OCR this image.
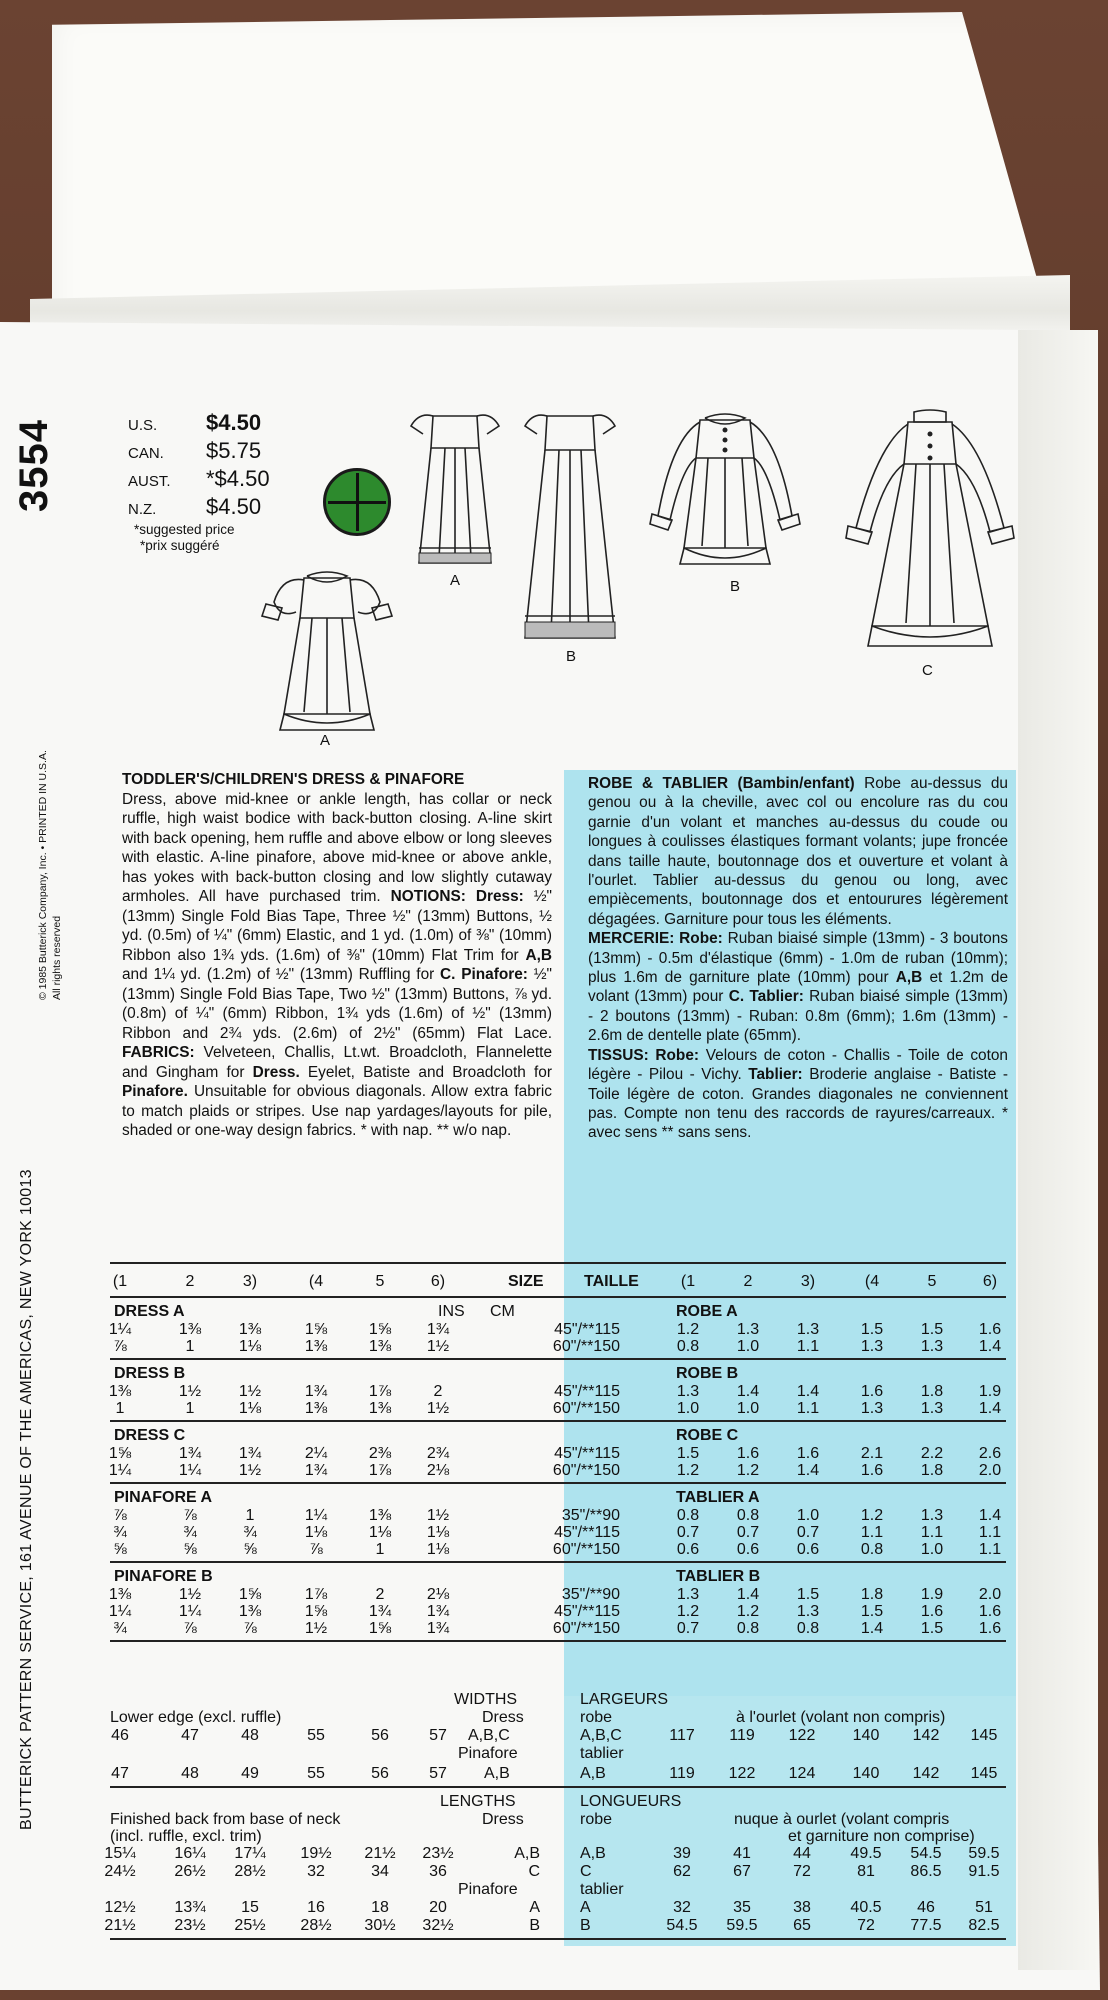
BUTTERICK PATTERN SERVICE, 161 AVENUE OF THE AMERICAS, NEW YORK 10013
© 1985 Butterick Company, Inc. • PRINTED IN U.S.A. All rights reserved
3554	U.S.	$4.50
CAN.	$5.75
AUST.	*$4.50
N.Z.	$4.50
*suggested price
*prix suggéré
A
B
B
C
A
TODDLER'S/CHILDREN'S DRESS & PINAFORE
Dress, above mid-knee or ankle length, has collar or neck ruffle, high waist bodice with back-button closing. A-line skirt with back opening, hem ruffle and above elbow or long sleeves with elastic. A-line pinafore, above mid-knee or above ankle, has yokes with back-button closing and low slightly cutaway armholes. All have purchased trim. NOTIONS: Dress: ½" (13mm) Single Fold Bias Tape, Three ½" (13mm) Buttons, ½ yd. (0.5m) of ¼" (6mm) Elastic, and 1 yd. (1.0m) of ⅜" (10mm) Ribbon also 1¾ yds. (1.6m) of ⅜" (10mm) Flat Trim for A,B and 1¼ yd. (1.2m) of ½" (13mm) Ruffling for C. Pinafore: ½" (13mm) Single Fold Bias Tape, Two ½" (13mm) Buttons, ⅞ yd. (0.8m) of ¼" (6mm) Ribbon, 1¾ yds (1.6m) of ½" (13mm) Ribbon and 2¾ yds. (2.6m) of 2½" (65mm) Flat Lace. FABRICS: Velveteen, Challis, Lt.wt. Broadcloth, Flannelette and Gingham for Dress. Eyelet, Batiste and Broadcloth for Pinafore. Unsuitable for obvious diagonals. Allow extra fabric to match plaids or stripes. Use nap yardages/layouts for pile, shaded or one-way design fabrics. * with nap. ** w/o nap.
ROBE & TABLIER (Bambin/enfant) Robe au-dessus du genou ou à la cheville, avec col ou encolure ras du cou garnie d'un volant et manches au-dessus du coude ou longues à coulisses élastiques formant volants; jupe froncée dans taille haute, boutonnage dos et ouverture et volant à l'ourlet. Tablier au-dessus du genou ou long, avec empiècements, boutonnage dos et entourures légèrement dégagées. Garniture pour tous les éléments.
MERCERIE: Robe: Ruban biaisé simple (13mm) - 3 boutons (13mm) - 0.5m d'élastique (6mm) - 1.0m de ruban (10mm); plus 1.6m de garniture plate (10mm) pour A,B et 1.2m de volant (13mm) pour C. Tablier: Ruban biaisé simple (13mm) - 2 boutons (13mm) - Ruban: 0.8m (6mm); 1.6m (13mm) - 2.6m de dentelle plate (65mm).
TISSUS: Robe: Velours de coton - Challis - Toile de coton légère - Pilou - Vichy. Tablier: Broderie anglaise - Batiste - Toile légère de coton. Grandes diagonales ne conviennent pas. Compte non tenu des raccords de rayures/carreaux. * avec sens ** sans sens.
(1	2	3)	(4	5	6)	SIZE	TAILLE	(1	2	3)	(4	5	6)
INS CM
DRESS A	ROBE A
1¼	1⅜	1⅜	1⅝	1⅝	1¾	45"/**115	1.2	1.3	1.3	1.5	1.5	1.6
⅞	1	1⅛	1⅜	1⅜	1½	60"/**150	0.8	1.0	1.1	1.3	1.3	1.4
DRESS B	ROBE B
1⅜	1½	1½	1¾	1⅞	2	45"/**115	1.3	1.4	1.4	1.6	1.8	1.9
1	1	1⅛	1⅜	1⅜	1½	60"/**150	1.0	1.0	1.1	1.3	1.3	1.4
DRESS C	ROBE C
1⅝	1¾	1¾	2¼	2⅜	2¾	45"/**115	1.5	1.6	1.6	2.1	2.2	2.6
1¼	1¼	1½	1¾	1⅞	2⅛	60"/**150	1.2	1.2	1.4	1.6	1.8	2.0
PINAFORE A	TABLIER A
⅞	⅞	1	1¼	1⅜	1½	35"/**90	0.8	0.8	1.0	1.2	1.3	1.4
¾	¾	¾	1⅛	1⅛	1⅛	45"/**115	0.7	0.7	0.7	1.1	1.1	1.1
⅝	⅝	⅝	⅞	1	1⅛	60"/**150	0.6	0.6	0.6	0.8	1.0	1.1
PINAFORE B	TABLIER B
1⅜	1½	1⅝	1⅞	2	2⅛	35"/**90	1.3	1.4	1.5	1.8	1.9	2.0
1¼	1¼	1⅜	1⅝	1¾	1¾	45"/**115	1.2	1.2	1.3	1.5	1.6	1.6
¾	⅞	⅞	1½	1⅝	1¾	60"/**150	0.7	0.8	0.8	1.4	1.5	1.6
WIDTHS	LARGEURS
Lower edge (excl. ruffle)	Dress	robe	à l'ourlet (volant non compris)
46	47	48	55	56	57	A,B,C	A,B,C	117	119	122	140	142	145
Pinafore	tablier
47	48	49	55	56	57	A,B	A,B	119	122	124	140	142	145
LENGTHS	LONGUEURS
Finished back from base of neck	Dress	robe	nuque à ourlet (volant compris
(incl. ruffle, excl. trim)	et garniture non comprise)
15¼	16¼	17¼	19½	21½	23½	A,B	A,B	39	41	44	49.5	54.5	59.5
24½	26½	28½	32	34	36	C	C	62	67	72	81	86.5	91.5
Pinafore	tablier
12½	13¾	15	16	18	20	A	A	32	35	38	40.5	46	51
21½	23½	25½	28½	30½	32½	B	B	54.5	59.5	65	72	77.5	82.5
